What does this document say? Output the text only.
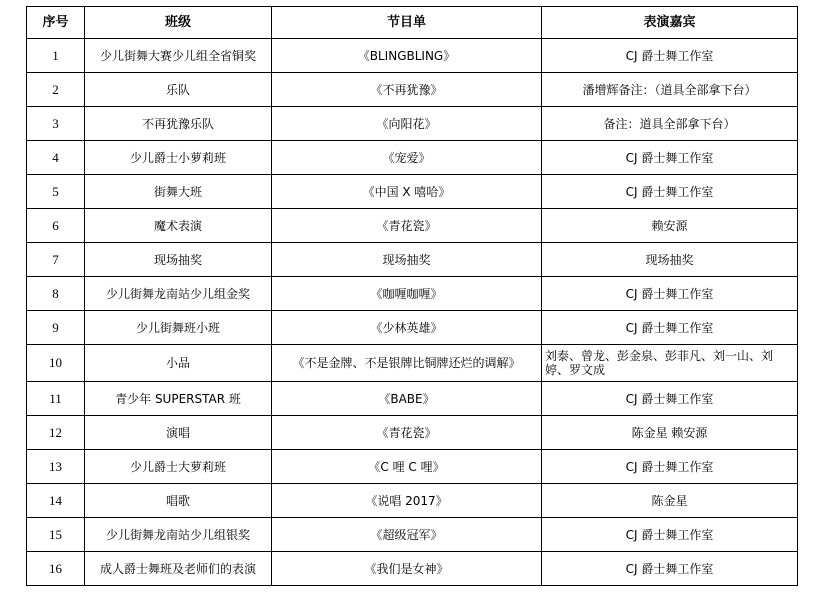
序号	班级	节目单	表演嘉宾
1	少儿街舞大赛少儿组全省铜奖	《BLINGBLING》	CJ 爵士舞工作室
2	乐队	《不再犹豫》	潘增辉备注：（道具全部拿下台）
3	不再犹豫乐队	《向阳花》	备注：道具全部拿下台）
4	少儿爵士小萝莉班	《宠爱》	CJ 爵士舞工作室
5	街舞大班	《中国 X 嘻哈》	CJ 爵士舞工作室
6	魔术表演	《青花瓷》	赖安源
7	现场抽奖	现场抽奖	现场抽奖
8	少儿街舞龙南站少儿组金奖	《咖喱咖喱》	CJ 爵士舞工作室
9	少儿街舞班小班	《少林英雄》	CJ 爵士舞工作室
10	小品	《不是金牌、不是银牌比铜牌还烂的调解》	刘泰、曾龙、彭金泉、彭菲凡、刘一山、刘婷、罗文成
11	青少年 SUPERSTAR 班	《BABE》	CJ 爵士舞工作室
12	演唱	《青花瓷》	陈金星 赖安源
13	少儿爵士大萝莉班	《C 哩 C 哩》	CJ 爵士舞工作室
14	唱歌	《说唱 2017》	陈金星
15	少儿街舞龙南站少儿组银奖	《超级冠军》	CJ 爵士舞工作室
16	成人爵士舞班及老师们的表演	《我们是女神》	CJ 爵士舞工作室
